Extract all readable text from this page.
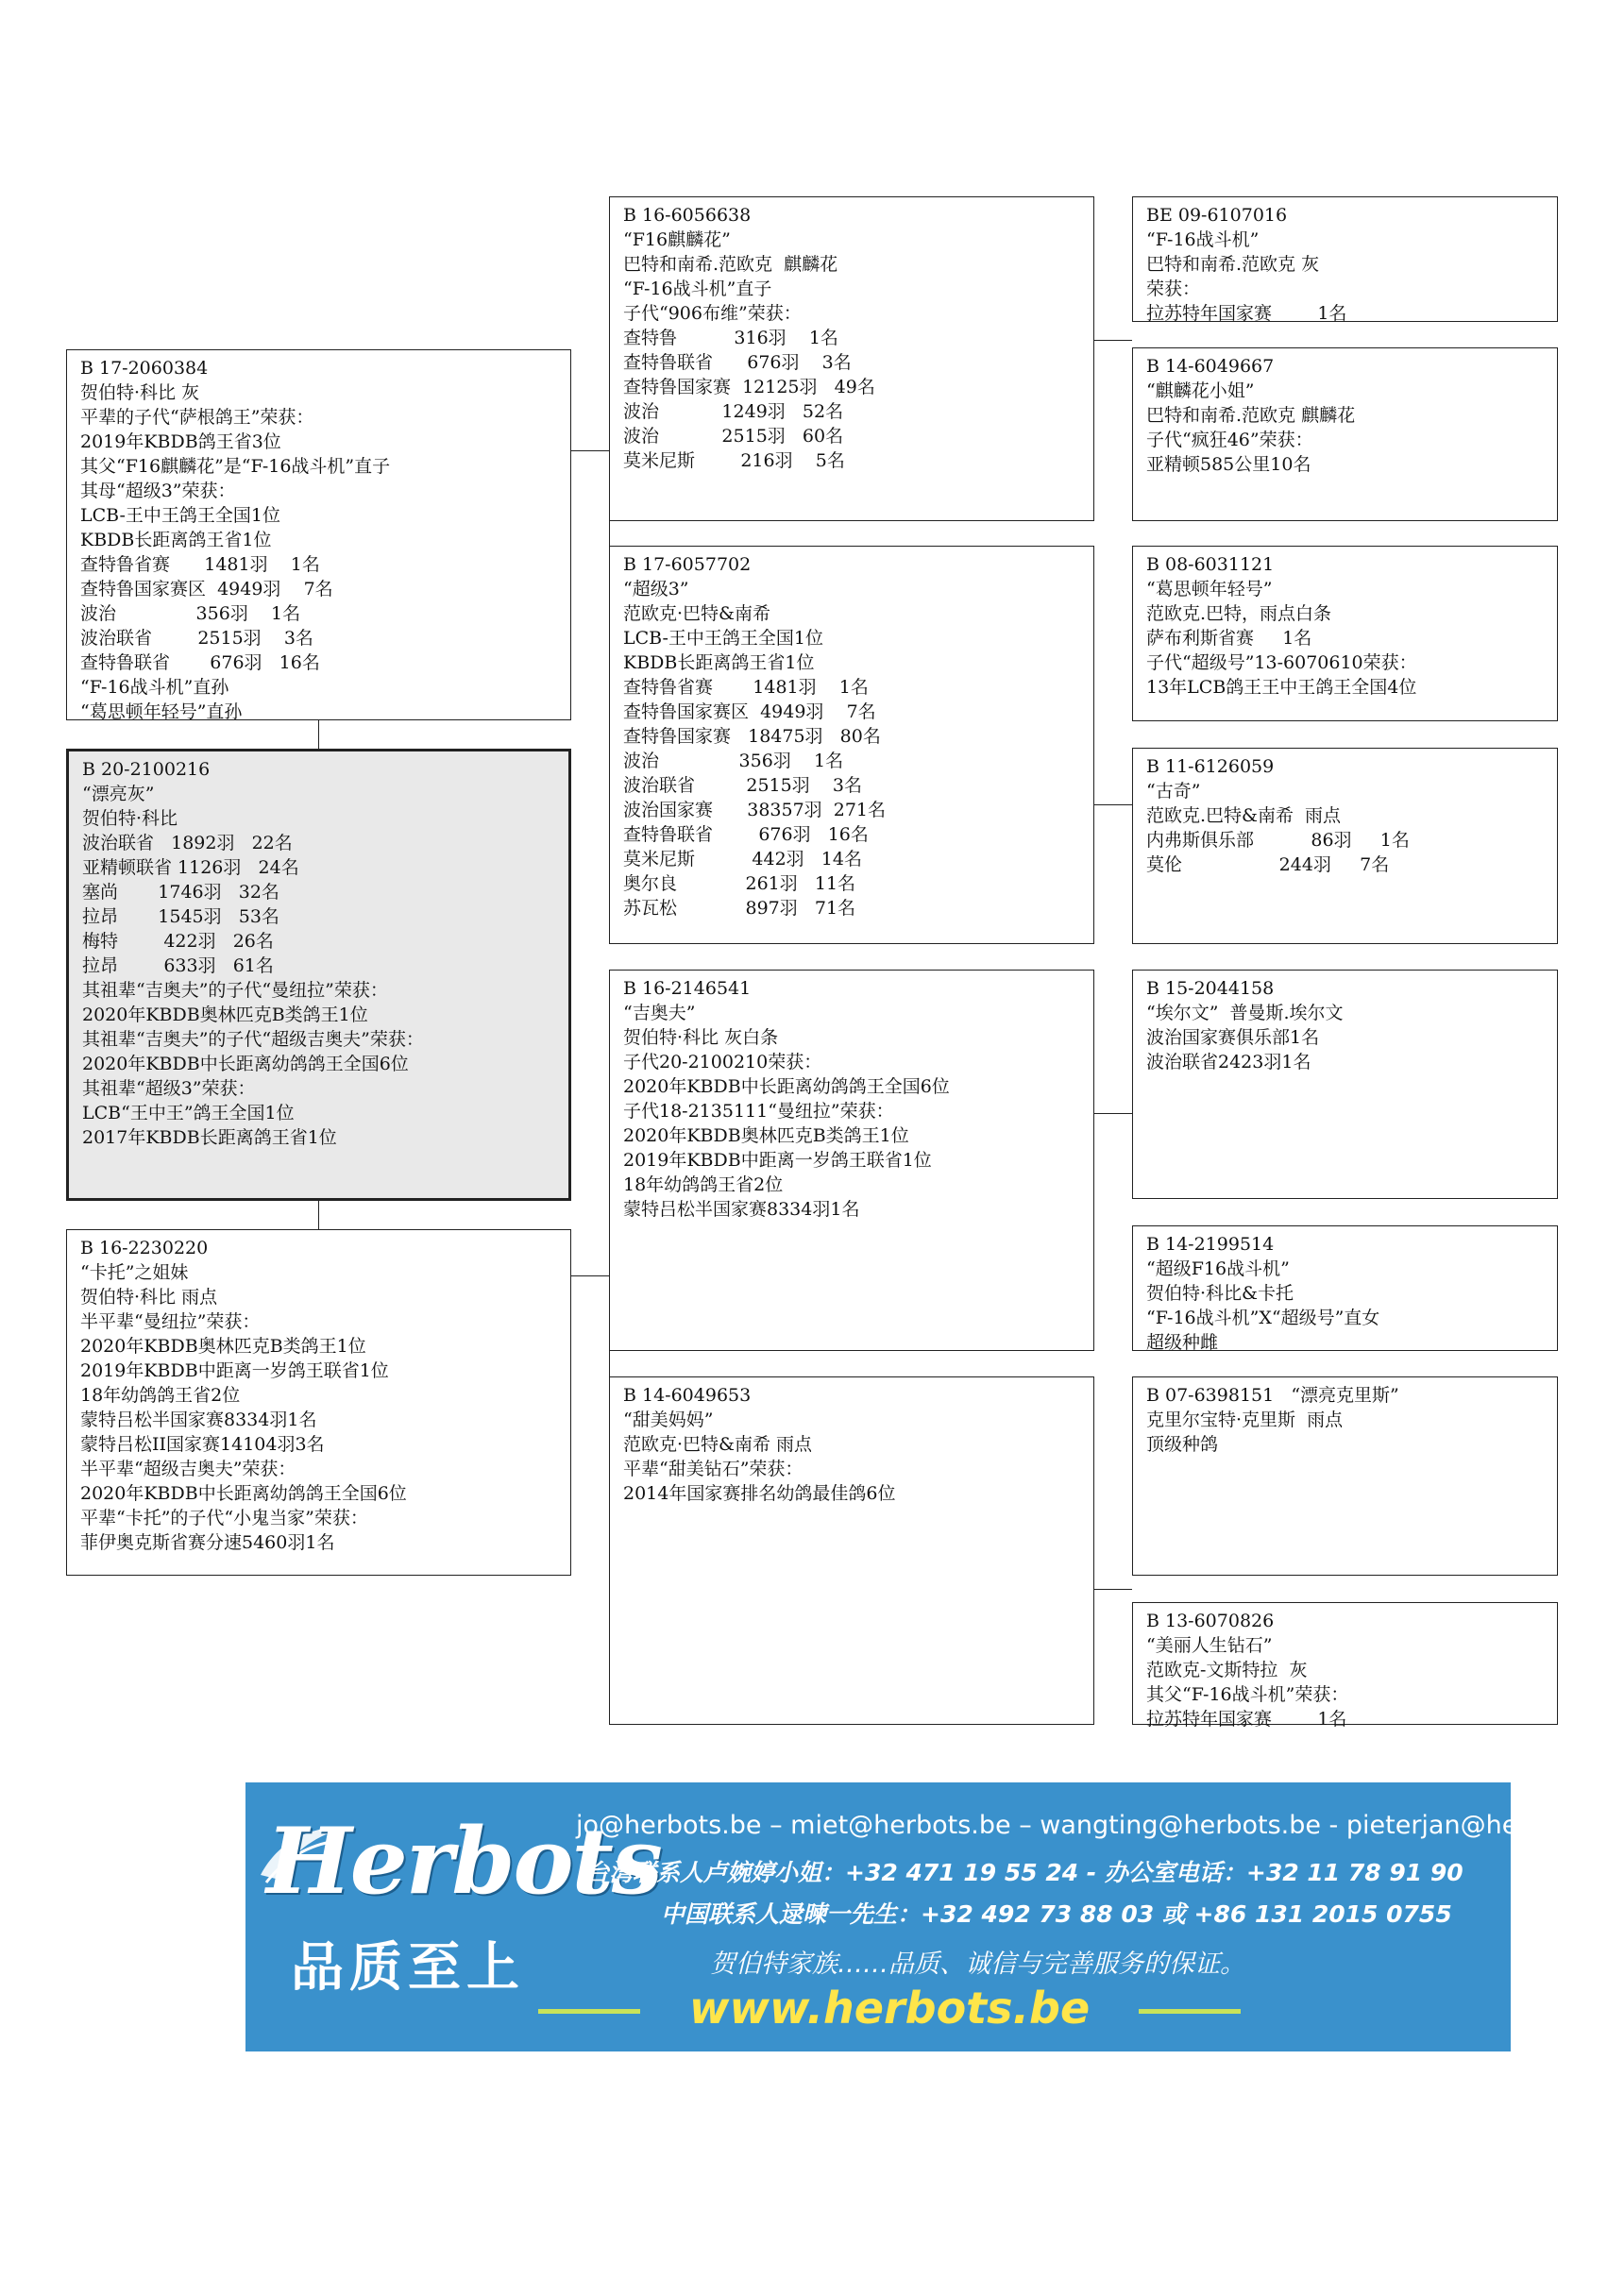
B 17-2060384
贺伯特·科比 灰
平辈的子代“萨根鸽王”荣获：
2019年KBDB鸽王省3位
其父“F16麒麟花”是“F-16战斗机”直子
其母“超级3”荣获：
LCB-王中王鸽王全国1位
KBDB长距离鸽王省1位
查特鲁省赛      1481羽    1名
查特鲁国家赛区  4949羽    7名
波治              356羽    1名
波治联省        2515羽    3名
查特鲁联省       676羽   16名
“F-16战斗机”直孙
“葛思顿年轻号”直孙
B 20-2100216
“漂亮灰”
贺伯特·科比
波治联省   1892羽   22名
亚精顿联省 1126羽   24名
塞尚       1746羽   32名
拉昂       1545羽   53名
梅特        422羽   26名
拉昂        633羽   61名
其祖辈“吉奥夫”的子代“曼纽拉”荣获：
2020年KBDB奥林匹克B类鸽王1位
其祖辈“吉奥夫”的子代“超级吉奥夫”荣获：
2020年KBDB中长距离幼鸽鸽王全国6位
其祖辈“超级3”荣获：
LCB“王中王”鸽王全国1位
2017年KBDB长距离鸽王省1位
B 16-2230220
“卡托”之姐妹
贺伯特·科比 雨点
半平辈“曼纽拉”荣获：
2020年KBDB奥林匹克B类鸽王1位
2019年KBDB中距离一岁鸽王联省1位
18年幼鸽鸽王省2位
蒙特吕松半国家赛8334羽1名
蒙特吕松II国家赛14104羽3名
半平辈“超级吉奥夫”荣获：
2020年KBDB中长距离幼鸽鸽王全国6位
平辈“卡托”的子代“小鬼当家”荣获：
菲伊奥克斯省赛分速5460羽1名
B 16-6056638
“F16麒麟花”
巴特和南希.范欧克  麒麟花
“F-16战斗机”直子
子代“906布维”荣获：
查特鲁          316羽    1名
查特鲁联省      676羽    3名
查特鲁国家赛  12125羽   49名
波治           1249羽   52名
波治           2515羽   60名
莫米尼斯        216羽    5名
B 17-6057702
“超级3”
范欧克·巴特&南希
LCB-王中王鸽王全国1位
KBDB长距离鸽王省1位
查特鲁省赛       1481羽    1名
查特鲁国家赛区  4949羽    7名
查特鲁国家赛   18475羽   80名
波治              356羽    1名
波治联省         2515羽    3名
波治国家赛      38357羽  271名
查特鲁联省        676羽   16名
莫米尼斯          442羽   14名
奥尔良            261羽   11名
苏瓦松            897羽   71名
B 16-2146541
“吉奥夫”
贺伯特·科比 灰白条
子代20-2100210荣获：
2020年KBDB中长距离幼鸽鸽王全国6位
子代18-2135111“曼纽拉”荣获：
2020年KBDB奥林匹克B类鸽王1位
2019年KBDB中距离一岁鸽王联省1位
18年幼鸽鸽王省2位
蒙特吕松半国家赛8334羽1名
B 14-6049653
“甜美妈妈”
范欧克·巴特&南希 雨点
平辈“甜美钻石”荣获：
2014年国家赛排名幼鸽最佳鸽6位
BE 09-6107016
“F-16战斗机”
巴特和南希.范欧克 灰
荣获：
拉苏特年国家赛        1名
B 14-6049667
“麒麟花小姐”
巴特和南希.范欧克 麒麟花
子代“疯狂46”荣获：
亚精顿585公里10名
B 08-6031121
“葛思顿年轻号”
范欧克.巴特，雨点白条
萨布利斯省赛     1名
子代“超级号”13-6070610荣获：
13年LCB鸽王王中王鸽王全国4位
B 11-6126059
“古奇”
范欧克.巴特&南希  雨点
内弗斯俱乐部          86羽     1名
莫伦                 244羽     7名
B 15-2044158
“埃尔文”  普曼斯.埃尔文
波治国家赛俱乐部1名
波治联省2423羽1名
B 14-2199514
“超级F16战斗机”
贺伯特·科比&卡托
“F-16战斗机”X“超级号”直女
超级种雌
B 07-6398151   “漂亮克里斯”
克里尔宝特·克里斯  雨点
顶级种鸽
B 13-6070826
“美丽人生钻石”
范欧克-文斯特拉  灰
其父“F-16战斗机”荣获：
拉苏特年国家赛        1名
Herbots
品质至上
jo@herbots.be – miet@herbots.be – wangting@herbots.be - pieterjan@herbots.be
台湾联系人卢婉婷小姐：+32 471 19 55 24 - 办公室电话：+32 11 78 91 90
中国联系人逯暕一先生：+32 492 73 88 03 或 +86 131 2015 0755
贺伯特家族……品质、诚信与完善服务的保证。
www.herbots.be
